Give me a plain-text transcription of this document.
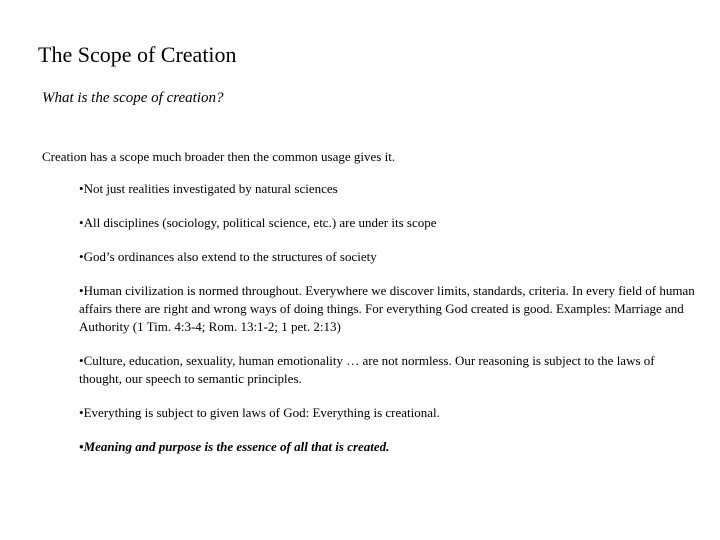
The Scope of Creation
What is the scope of creation?
Creation has a scope much broader then the common usage gives it.
•Not just realities investigated by natural sciences
•All disciplines (sociology, political science, etc.) are under its scope
•God’s ordinances also extend to the structures of society
•Human civilization is normed throughout. Everywhere we discover limits, standards, criteria. In every field of human affairs there are right and wrong ways of doing things. For everything God created is good. Examples: Marriage and Authority (1 Tim. 4:3-4; Rom. 13:1-2; 1 pet. 2:13)
•Culture, education, sexuality, human emotionality … are not normless. Our reasoning is subject to the laws of thought, our speech to semantic principles.
•Everything is subject to given laws of God: Everything is creational.
•Meaning and purpose is the essence of all that is created.
